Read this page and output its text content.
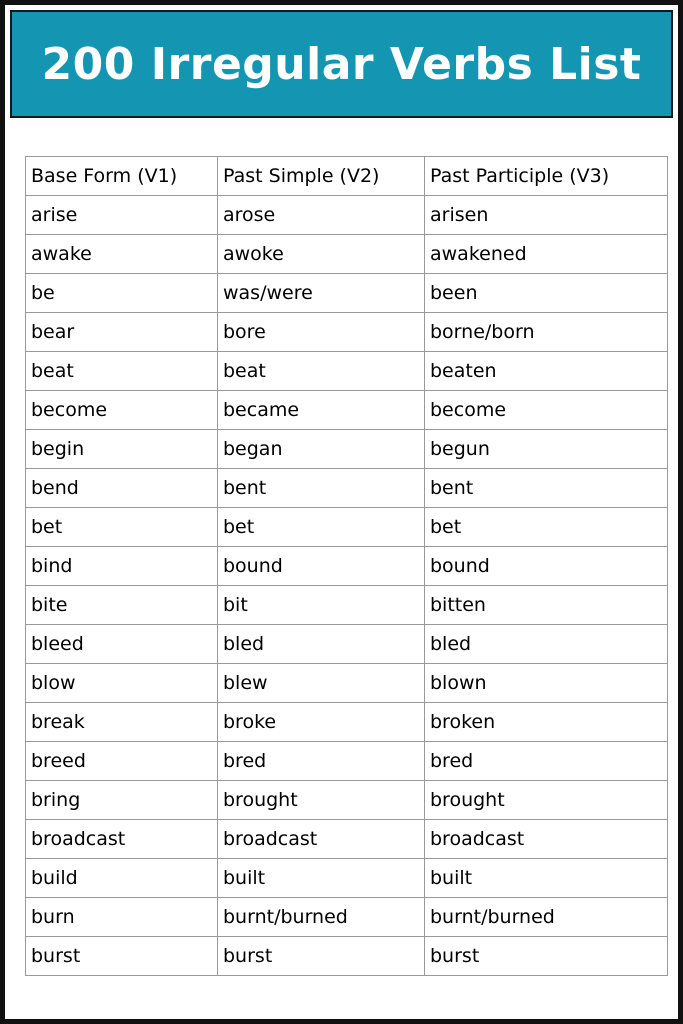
200 Irregular Verbs List
Base Form (V1)	Past Simple (V2)	Past Participle (V3)
arise	arose	arisen
awake	awoke	awakened
be	was/were	been
bear	bore	borne/born
beat	beat	beaten
become	became	become
begin	began	begun
bend	bent	bent
bet	bet	bet
bind	bound	bound
bite	bit	bitten
bleed	bled	bled
blow	blew	blown
break	broke	broken
breed	bred	bred
bring	brought	brought
broadcast	broadcast	broadcast
build	built	built
burn	burnt/burned	burnt/burned
burst	burst	burst
